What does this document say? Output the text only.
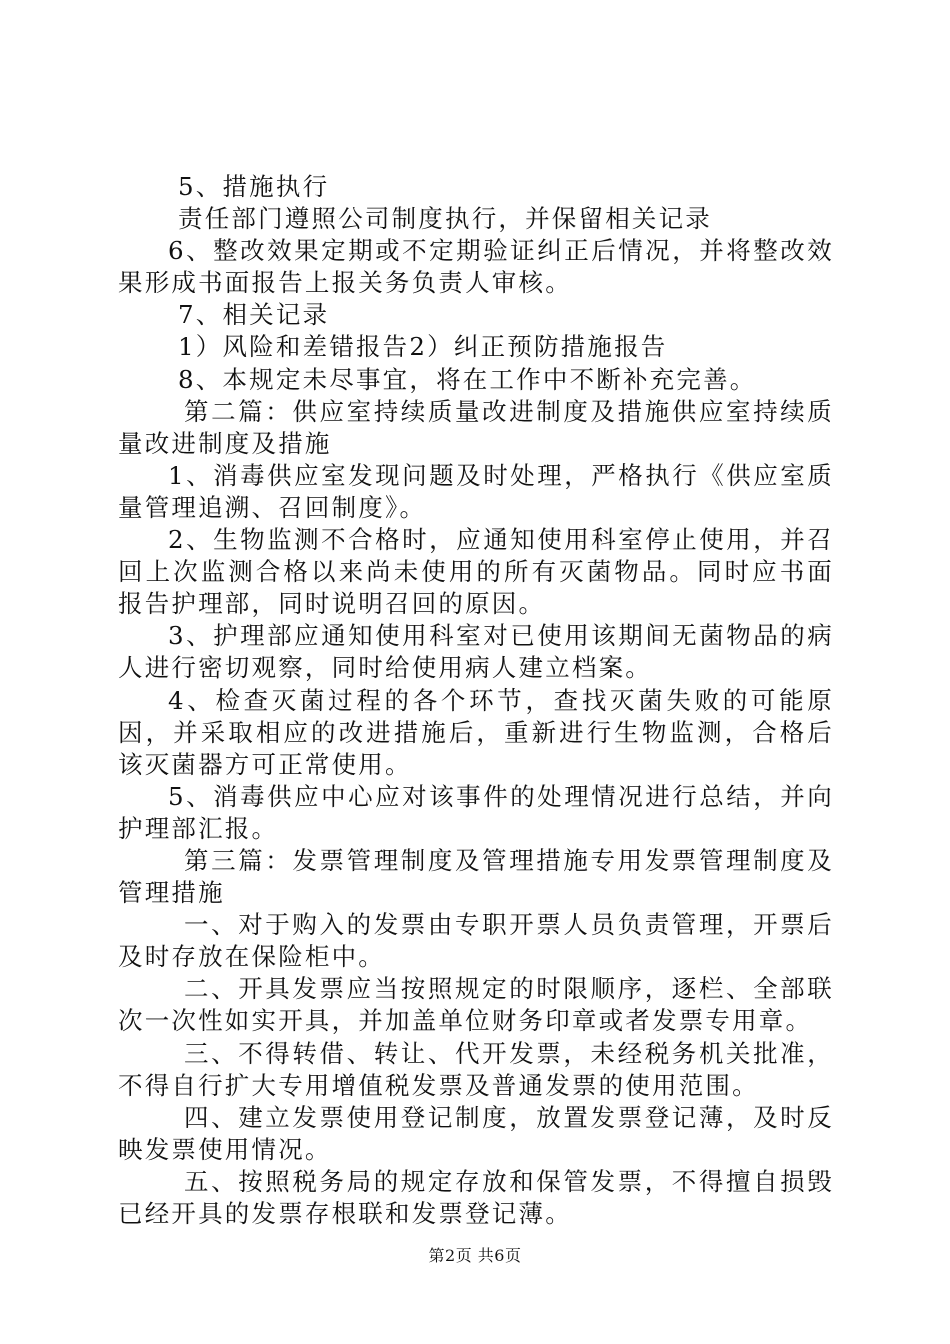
5、措施执行

责任部门遵照公司制度执行，并保留相关记录

6、整改效果定期或不定期验证纠正后情况，并将整改效果形成书面报告上报关务负责人审核。

7、相关记录

1）风险和差错报告2）纠正预防措施报告

8、本规定未尽事宜，将在工作中不断补充完善。

第二篇：供应室持续质量改进制度及措施供应室持续质量改进制度及措施

1、消毒供应室发现问题及时处理，严格执行《供应室质量管理追溯、召回制度》。

2、生物监测不合格时，应通知使用科室停止使用，并召回上次监测合格以来尚未使用的所有灭菌物品。同时应书面报告护理部，同时说明召回的原因。

3、护理部应通知使用科室对已使用该期间无菌物品的病人进行密切观察，同时给使用病人建立档案。

4、检查灭菌过程的各个环节，查找灭菌失败的可能原因，并采取相应的改进措施后，重新进行生物监测，合格后该灭菌器方可正常使用。

5、消毒供应中心应对该事件的处理情况进行总结，并向护理部汇报。

第三篇：发票管理制度及管理措施专用发票管理制度及管理措施

一、对于购入的发票由专职开票人员负责管理，开票后及时存放在保险柜中。

二、开具发票应当按照规定的时限顺序，逐栏、全部联次一次性如实开具，并加盖单位财务印章或者发票专用章。

三、不得转借、转让、代开发票，未经税务机关批准，不得自行扩大专用增值税发票及普通发票的使用范围。

四、建立发票使用登记制度，放置发票登记薄，及时反映发票使用情况。

五、按照税务局的规定存放和保管发票，不得擅自损毁已经开具的发票存根联和发票登记薄。

第2页 共6页
